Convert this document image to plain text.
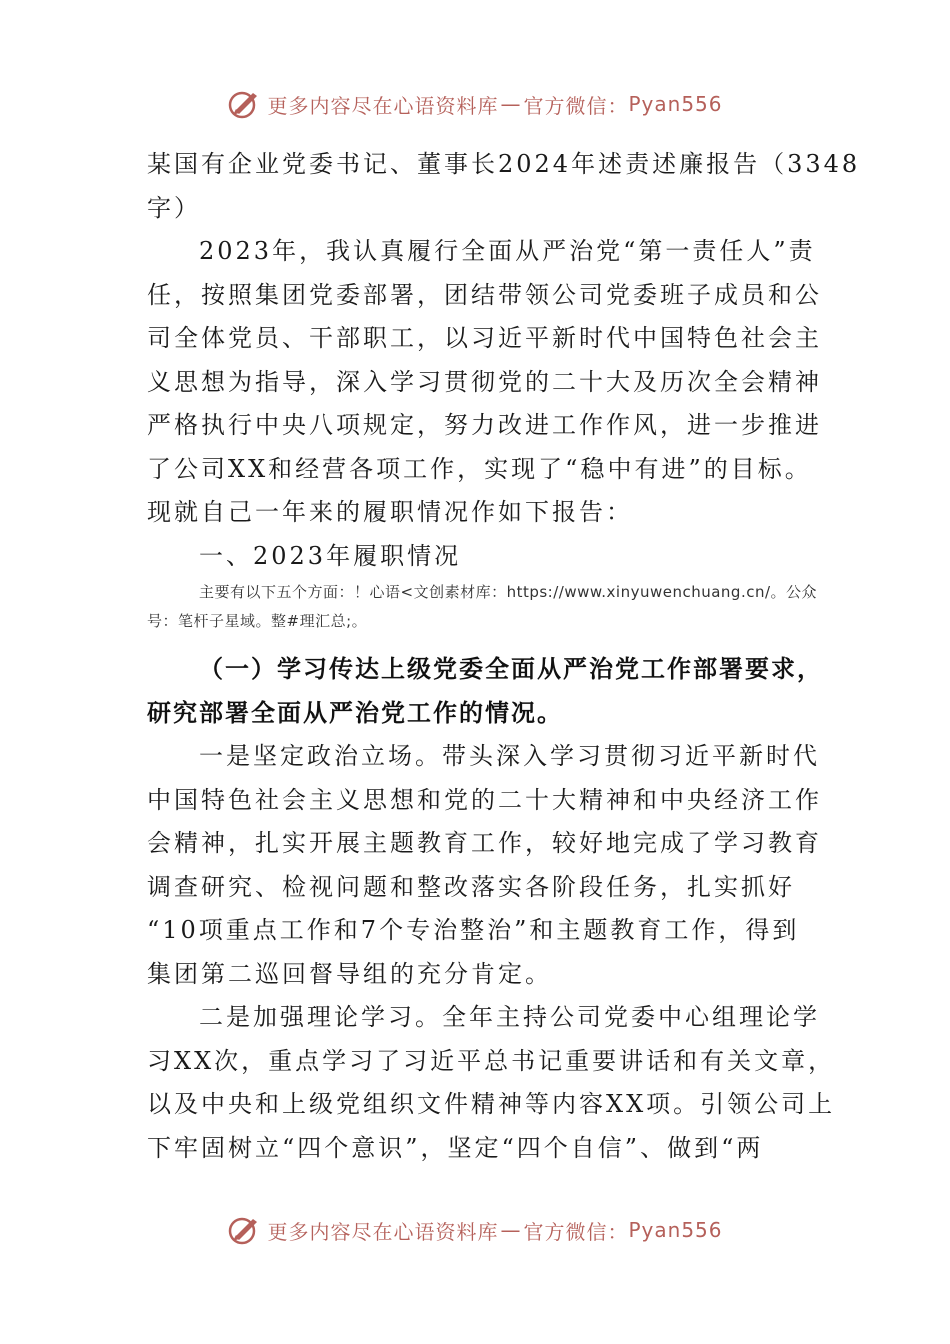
更多内容尽在心语资料库 — 官方微信： Pyan556
某国有企业党委书记、董事长2024年述责述廉报告（3348
字）
2023年，我认真履行全面从严治党“第一责任人”责
任，按照集团党委部署，团结带领公司党委班子成员和公
司全体党员、干部职工，以习近平新时代中国特色社会主
义思想为指导，深入学习贯彻党的二十大及历次全会精神
严格执行中央八项规定，努力改进工作作风，进一步推进
了公司XX和经营各项工作，实现了“稳中有进”的目标。
现就自己一年来的履职情况作如下报告：
一、2023年履职情况
主要有以下五个方面：！心语<文创素材库：https://www.xinyuwenchuang.cn/。公众
号：笔杆子星域。整#理汇总;。
（一）学习传达上级党委全面从严治党工作部署要求，
研究部署全面从严治党工作的情况。
一是坚定政治立场。带头深入学习贯彻习近平新时代
中国特色社会主义思想和党的二十大精神和中央经济工作
会精神，扎实开展主题教育工作，较好地完成了学习教育
调查研究、检视问题和整改落实各阶段任务，扎实抓好
“10项重点工作和7个专治整治”和主题教育工作，得到
集团第二巡回督导组的充分肯定。
二是加强理论学习。全年主持公司党委中心组理论学
习XX次，重点学习了习近平总书记重要讲话和有关文章，
以及中央和上级党组织文件精神等内容XX项。引领公司上
下牢固树立“四个意识”，坚定“四个自信”、做到“两
更多内容尽在心语资料库 — 官方微信： Pyan556
